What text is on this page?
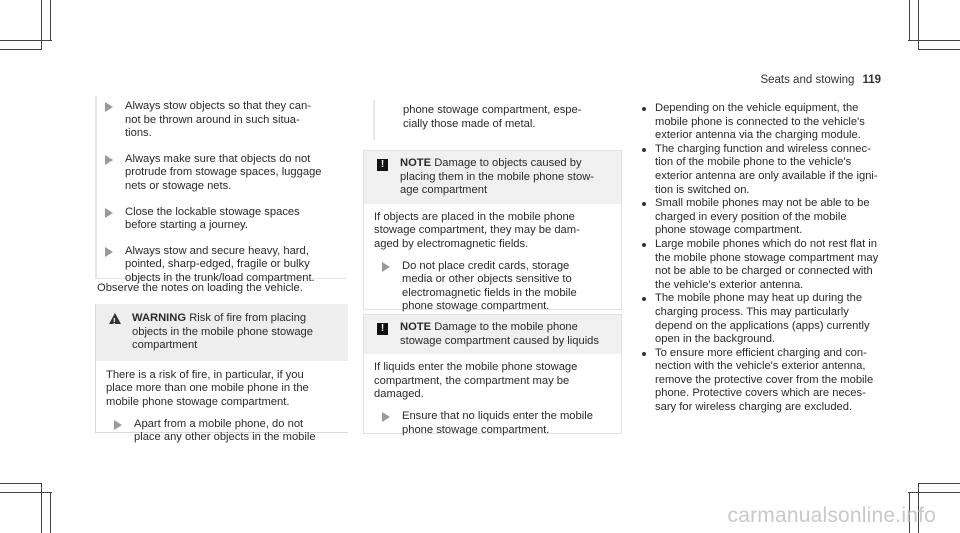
Seats and stowing 119
Always stow objects so that they can-
not be thrown around in such situa-
tions.
Always make sure that objects do not
protrude from stowage spaces, luggage
nets or stowage nets.
Close the lockable stowage spaces
before starting a journey.
Always stow and secure heavy, hard,
pointed, sharp-edged, fragile or bulky
objects in the trunk/load compartment.
Observe the notes on loading the vehicle.
! WARNING Risk of fire from placing
objects in the mobile phone stowage
compartment
There is a risk of fire, in particular, if you
place more than one mobile phone in the
mobile phone stowage compartment.
Apart from a mobile phone, do not
place any other objects in the mobile
phone stowage compartment, espe-
cially those made of metal.
!	NOTE Damage to objects caused by
placing them in the mobile phone stow-
age compartment
If objects are placed in the mobile phone
stowage compartment, they may be dam-
aged by electromagnetic fields.
Do not place credit cards, storage
media or other objects sensitive to
electromagnetic fields in the mobile
phone stowage compartment.
!	NOTE Damage to the mobile phone
stowage compartment caused by liquids
If liquids enter the mobile phone stowage
compartment, the compartment may be
damaged.
Ensure that no liquids enter the mobile
phone stowage compartment.
Depending on the vehicle equipment, the
mobile phone is connected to the vehicle's
exterior antenna via the charging module.
The charging function and wireless connec-
tion of the mobile phone to the vehicle's
exterior antenna are only available if the igni-
tion is switched on.
Small mobile phones may not be able to be
charged in every position of the mobile
phone stowage compartment.
Large mobile phones which do not rest flat in
the mobile phone stowage compartment may
not be able to be charged or connected with
the vehicle's exterior antenna.
The mobile phone may heat up during the
charging process. This may particularly
depend on the applications (apps) currently
open in the background.
To ensure more efficient charging and con-
nection with the vehicle's exterior antenna,
remove the protective cover from the mobile
phone. Protective covers which are neces-
sary for wireless charging are excluded.
carmanualsonline.info
